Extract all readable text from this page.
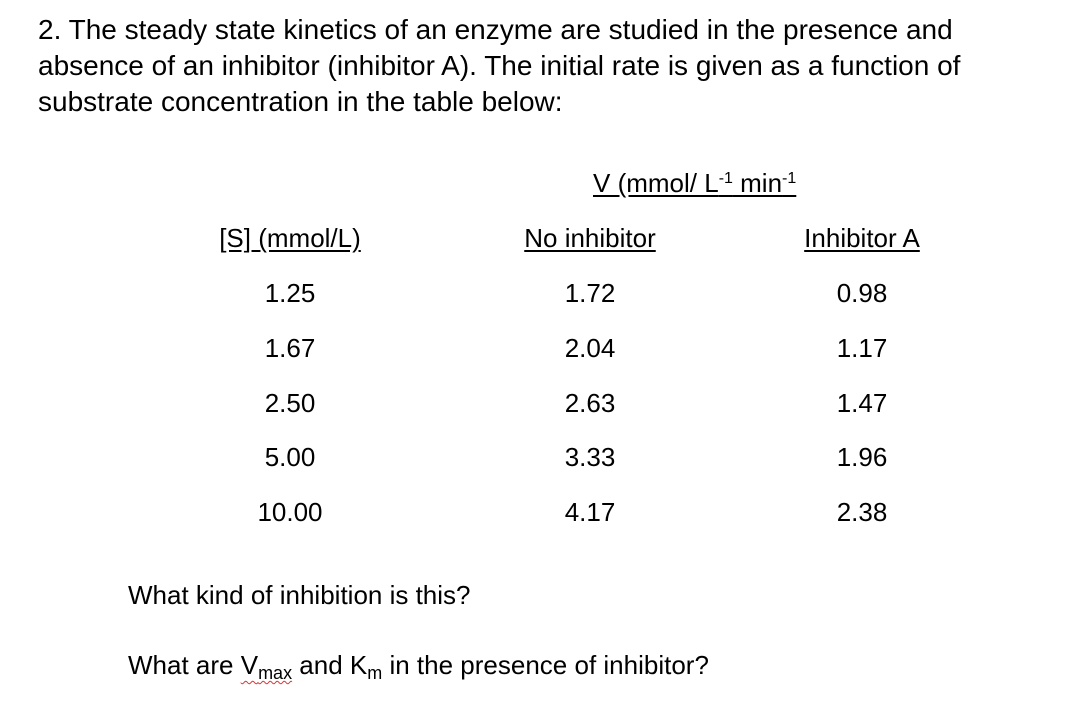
2. The steady state kinetics of an enzyme are studied in the presence and absence of an inhibitor (inhibitor A). The initial rate is given as a function of substrate concentration in the table below:

V (mmol/ $L^{-1}$ $\min^{-1}$
[S] (mmol/L)	No inhibitor	Inhibitor A
1.25	1.72	0.98
1.67	2.04	1.17
2.50	2.63	1.47
5.00	3.33	1.96
10.00	4.17	2.38
What kind of inhibition is this?
What are $V_{max}$ and $K_m$ in the presence of inhibitor?
